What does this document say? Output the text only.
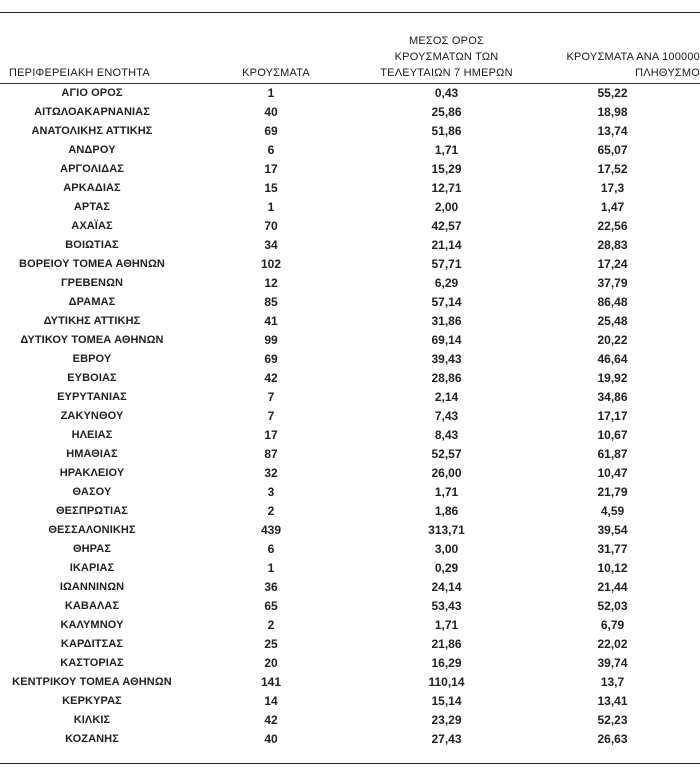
ΠΕΡΙΦΕΡΕΙΑΚΗ ΕΝΟΤΗΤΑ	ΚΡΟΥΣΜΑΤΑ	ΜΕΣΟΣ ΟΡΟΣ
ΚΡΟΥΣΜΑΤΩΝ ΤΩΝ
ΤΕΛΕΥΤΑΙΩΝ 7 ΗΜΕΡΩΝ	ΚΡΟΥΣΜΑΤΑ ΑΝΑ 100000
ΠΛΗΘΥΣΜΟ

ΑΓΙΟ ΟΡΟΣ	1	0,43	55,22
ΑΙΤΩΛΟΑΚΑΡΝΑΝΙΑΣ	40	25,86	18,98
ΑΝΑΤΟΛΙΚΗΣ ΑΤΤΙΚΗΣ	69	51,86	13,74
ΑΝΔΡΟΥ	6	1,71	65,07
ΑΡΓΟΛΙΔΑΣ	17	15,29	17,52
ΑΡΚΑΔΙΑΣ	15	12,71	17,3
ΑΡΤΑΣ	1	2,00	1,47
ΑΧΑΪΑΣ	70	42,57	22,56
ΒΟΙΩΤΙΑΣ	34	21,14	28,83
ΒΟΡΕΙΟΥ ΤΟΜΕΑ ΑΘΗΝΩΝ	102	57,71	17,24
ΓΡΕΒΕΝΩΝ	12	6,29	37,79
ΔΡΑΜΑΣ	85	57,14	86,48
ΔΥΤΙΚΗΣ ΑΤΤΙΚΗΣ	41	31,86	25,48
ΔΥΤΙΚΟΥ ΤΟΜΕΑ ΑΘΗΝΩΝ	99	69,14	20,22
ΕΒΡΟΥ	69	39,43	46,64
ΕΥΒΟΙΑΣ	42	28,86	19,92
ΕΥΡΥΤΑΝΙΑΣ	7	2,14	34,86
ΖΑΚΥΝΘΟΥ	7	7,43	17,17
ΗΛΕΙΑΣ	17	8,43	10,67
ΗΜΑΘΙΑΣ	87	52,57	61,87
ΗΡΑΚΛΕΙΟΥ	32	26,00	10,47
ΘΑΣΟΥ	3	1,71	21,79
ΘΕΣΠΡΩΤΙΑΣ	2	1,86	4,59
ΘΕΣΣΑΛΟΝΙΚΗΣ	439	313,71	39,54
ΘΗΡΑΣ	6	3,00	31,77
ΙΚΑΡΙΑΣ	1	0,29	10,12
ΙΩΑΝΝΙΝΩΝ	36	24,14	21,44
ΚΑΒΑΛΑΣ	65	53,43	52,03
ΚΑΛΥΜΝΟΥ	2	1,71	6,79
ΚΑΡΔΙΤΣΑΣ	25	21,86	22,02
ΚΑΣΤΟΡΙΑΣ	20	16,29	39,74
ΚΕΝΤΡΙΚΟΥ ΤΟΜΕΑ ΑΘΗΝΩΝ	141	110,14	13,7
ΚΕΡΚΥΡΑΣ	14	15,14	13,41
ΚΙΛΚΙΣ	42	23,29	52,23
ΚΟΖΑΝΗΣ	40	27,43	26,63
